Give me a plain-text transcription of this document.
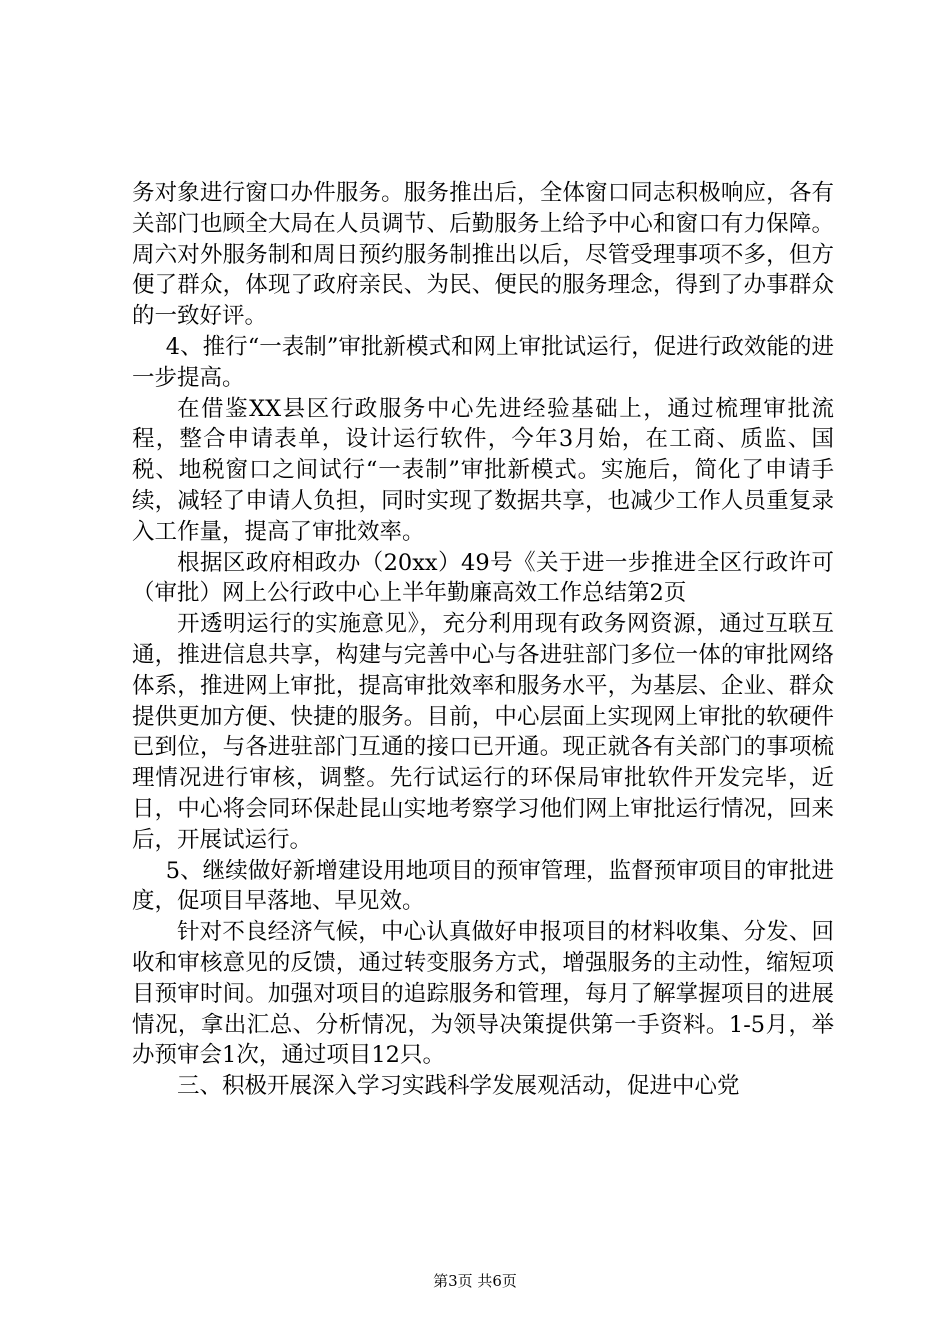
务对象进行窗口办件服务。服务推出后，全体窗口同志积极响应，各有关部门也顾全大局在人员调节、后勤服务上给予中心和窗口有力保障。周六对外服务制和周日预约服务制推出以后，尽管受理事项不多，但方便了群众，体现了政府亲民、为民、便民的服务理念，得到了办事群众的一致好评。

4、推行“一表制”审批新模式和网上审批试运行，促进行政效能的进一步提高。

在借鉴XX县区行政服务中心先进经验基础上，通过梳理审批流程，整合申请表单，设计运行软件，今年3月始，在工商、质监、国税、地税窗口之间试行“一表制”审批新模式。实施后，简化了申请手续，减轻了申请人负担，同时实现了数据共享，也减少工作人员重复录入工作量，提高了审批效率。

根据区政府相政办（20xx）49号《关于进一步推进全区行政许可（审批）网上公行政中心上半年勤廉高效工作总结第2页

开透明运行的实施意见》，充分利用现有政务网资源，通过互联互通，推进信息共享，构建与完善中心与各进驻部门多位一体的审批网络体系，推进网上审批，提高审批效率和服务水平，为基层、企业、群众提供更加方便、快捷的服务。目前，中心层面上实现网上审批的软硬件已到位，与各进驻部门互通的接口已开通。现正就各有关部门的事项梳理情况进行审核，调整。先行试运行的环保局审批软件开发完毕，近日，中心将会同环保赴昆山实地考察学习他们网上审批运行情况，回来后，开展试运行。

5、继续做好新增建设用地项目的预审管理，监督预审项目的审批进度，促项目早落地、早见效。

针对不良经济气候，中心认真做好申报项目的材料收集、分发、回收和审核意见的反馈，通过转变服务方式，增强服务的主动性，缩短项目预审时间。加强对项目的追踪服务和管理，每月了解掌握项目的进展情况，拿出汇总、分析情况，为领导决策提供第一手资料。1-5月，举办预审会1次，通过项目12只。

三、积极开展深入学习实践科学发展观活动，促进中心党

第3页 共6页
